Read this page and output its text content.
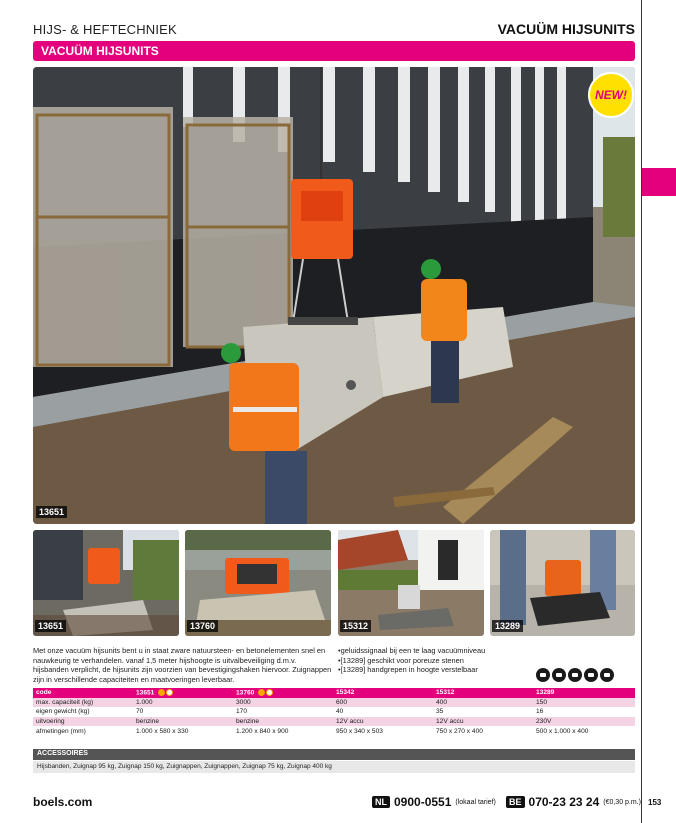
HIJS- & HEFTECHNIEK	VACUÜM HIJSUNITS
VACUÜM HIJSUNITS
13651
NEW!
13651	13760	15312	13289
Met onze vacuüm hijsunits bent u in staat zware natuursteen- en betonelementen snel en nauwkeurig te verhandelen. vanaf 1,5 meter hijshoogte is uitvalbeveiliging d.m.v. hijsbanden verplicht, de hijsunits zijn voorzien van bevestigingshaken hiervoor. Zuignappen zijn in verschillende capaciteiten en maatvoeringen leverbaar.
• geluidssignaal bij een te laag vacuümniveau
• [13289] geschikt voor poreuze stenen
• [13289] handgrepen in hoogte verstelbaar
code	13651	13760	15342	15312	13289
max. capaciteit (kg)	1.000	3000	600	400	150
eigen gewicht (kg)	70	170	40	35	16
uitvoering	benzine	benzine	12V accu	12V accu	230V
afmetingen (mm)	1.000 x 580 x 330	1.200 x 840 x 900	950 x 340 x 503	750 x 270 x 400	500 x 1.000 x 400
ACCESSOIRES
Hijsbanden, Zuignap 95 kg, Zuignap 150 kg, Zuignappen, Zuignappen, Zuignap 75 kg, Zuignap 400 kg
boels.com	NL 0900-0551 (lokaal tarief)	BE 070-23 23 24 (€0,30 p.m.) 153
